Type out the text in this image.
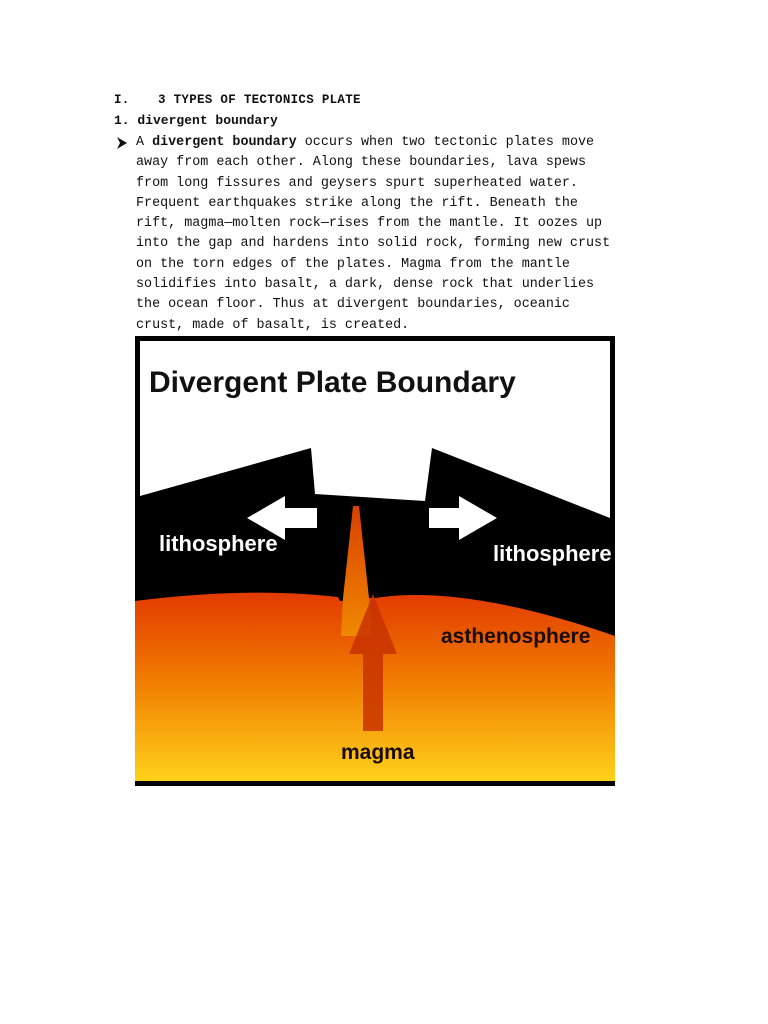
I. 3 TYPES OF TECTONICS PLATE
1. divergent boundary

A divergent boundary occurs when two tectonic plates move
away from each other. Along these boundaries, lava spews
from long fissures and geysers spurt superheated water.
Frequent earthquakes strike along the rift. Beneath the
rift, magma—molten rock—rises from the mantle. It oozes up
into the gap and hardens into solid rock, forming new crust
on the torn edges of the plates. Magma from the mantle
solidifies into basalt, a dark, dense rock that underlies
the ocean floor. Thus at divergent boundaries, oceanic
crust, made of basalt, is created.

Divergent Plate Boundary
lithosphere	lithosphere
asthenosphere
magma
